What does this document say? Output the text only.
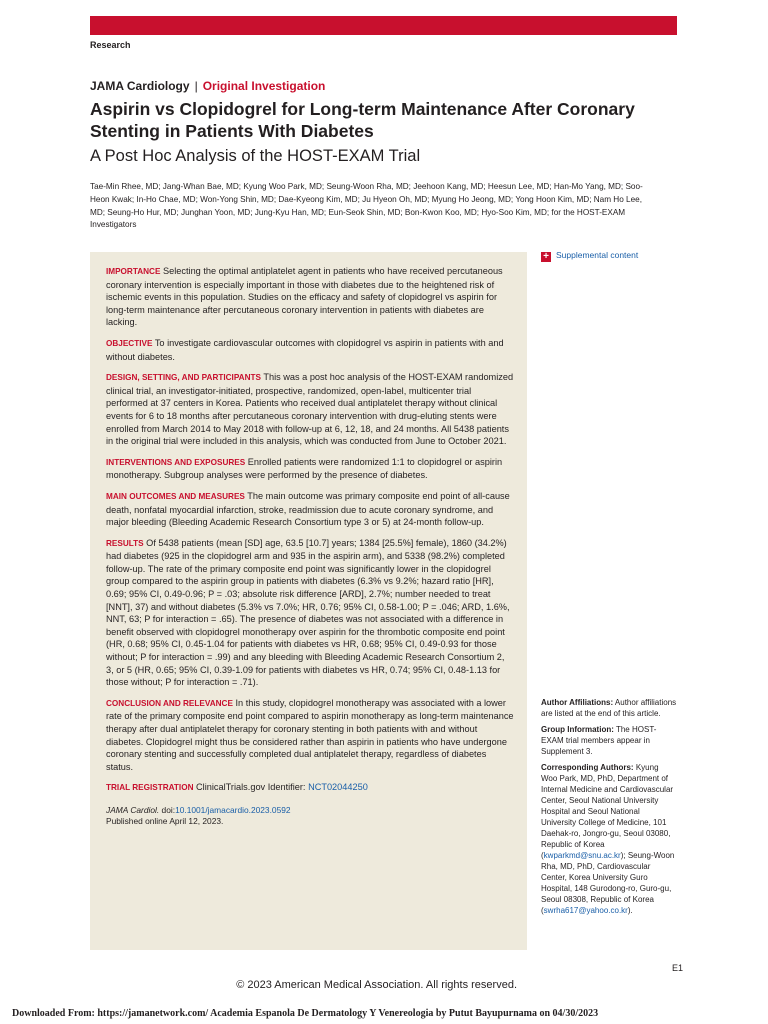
Research
JAMA Cardiology | Original Investigation
Aspirin vs Clopidogrel for Long-term Maintenance After Coronary Stenting in Patients With Diabetes
A Post Hoc Analysis of the HOST-EXAM Trial
Tae-Min Rhee, MD; Jang-Whan Bae, MD; Kyung Woo Park, MD; Seung-Woon Rha, MD; Jeehoon Kang, MD; Heesun Lee, MD; Han-Mo Yang, MD; Soo-Heon Kwak; In-Ho Chae, MD; Won-Yong Shin, MD; Dae-Kyeong Kim, MD; Ju Hyeon Oh, MD; Myung Ho Jeong, MD; Yong Hoon Kim, MD; Nam Ho Lee, MD; Seung-Ho Hur, MD; Junghan Yoon, MD; Jung-Kyu Han, MD; Eun-Seok Shin, MD; Bon-Kwon Koo, MD; Hyo-Soo Kim, MD; for the HOST-EXAM Investigators
+ Supplemental content

IMPORTANCE Selecting the optimal antiplatelet agent in patients who have received percutaneous coronary intervention is especially important in those with diabetes due to the heightened risk of ischemic events in this population. Studies on the efficacy and safety of clopidogrel vs aspirin for long-term maintenance after percutaneous coronary intervention in patients with diabetes are lacking.

OBJECTIVE To investigate cardiovascular outcomes with clopidogrel vs aspirin in patients with and without diabetes.

DESIGN, SETTING, AND PARTICIPANTS This was a post hoc analysis of the HOST-EXAM randomized clinical trial, an investigator-initiated, prospective, randomized, open-label, multicenter trial performed at 37 centers in Korea. Patients who received dual antiplatelet therapy without clinical events for 6 to 18 months after percutaneous coronary intervention with drug-eluting stents were enrolled from March 2014 to May 2018 with follow-up at 6, 12, 18, and 24 months. All 5438 patients in the original trial were included in this analysis, which was conducted from June to October 2021.

INTERVENTIONS AND EXPOSURES Enrolled patients were randomized 1:1 to clopidogrel or aspirin monotherapy. Subgroup analyses were performed by the presence of diabetes.

MAIN OUTCOMES AND MEASURES The main outcome was primary composite end point of all-cause death, nonfatal myocardial infarction, stroke, readmission due to acute coronary syndrome, and major bleeding (Bleeding Academic Research Consortium type 3 or 5) at 24-month follow-up.

RESULTS Of 5438 patients (mean [SD] age, 63.5 [10.7] years; 1384 [25.5%] female), 1860 (34.2%) had diabetes (925 in the clopidogrel arm and 935 in the aspirin arm), and 5338 (98.2%) completed follow-up. The rate of the primary composite end point was significantly lower in the clopidogrel group compared to the aspirin group in patients with diabetes (6.3% vs 9.2%; hazard ratio [HR], 0.69; 95% CI, 0.49-0.96; P = .03; absolute risk difference [ARD], 2.7%; number needed to treat [NNT], 37) and without diabetes (5.3% vs 7.0%; HR, 0.76; 95% CI, 0.58-1.00; P = .046; ARD, 1.6%, NNT, 63; P for interaction = .65). The presence of diabetes was not associated with a difference in benefit observed with clopidogrel monotherapy over aspirin for the thrombotic composite end point (HR, 0.68; 95% CI, 0.45-1.04 for patients with diabetes vs HR, 0.68; 95% CI, 0.49-0.93 for those without; P for interaction = .99) and any bleeding with Bleeding Academic Research Consortium 2, 3, or 5 (HR, 0.65; 95% CI, 0.39-1.09 for patients with diabetes vs HR, 0.74; 95% CI, 0.48-1.13 for those without; P for interaction = .71).

CONCLUSION AND RELEVANCE In this study, clopidogrel monotherapy was associated with a lower rate of the primary composite end point compared to aspirin monotherapy as long-term maintenance therapy after dual antiplatelet therapy for coronary stenting in both patients with and without diabetes. Clopidogrel might thus be considered rather than aspirin in patients who have undergone coronary stenting and successfully completed dual antiplatelet therapy, regardless of diabetes status.

TRIAL REGISTRATION ClinicalTrials.gov Identifier: NCT02044250

JAMA Cardiol. doi:10.1001/jamacardio.2023.0592
Published online April 12, 2023.

Author Affiliations: Author affiliations are listed at the end of this article.

Group Information: The HOST-EXAM trial members appear in Supplement 3.

Corresponding Authors: Kyung Woo Park, MD, PhD, Department of Internal Medicine and Cardiovascular Center, Seoul National University Hospital and Seoul National University College of Medicine, 101 Daehak-ro, Jongro-gu, Seoul 03080, Republic of Korea (kwparkmd@snu.ac.kr); Seung-Woon Rha, MD, PhD, Cardiovascular Center, Korea University Guro Hospital, 148 Gurodong-ro, Guro-gu, Seoul 08308, Republic of Korea (swrha617@yahoo.co.kr).

E1
© 2023 American Medical Association. All rights reserved.
Downloaded From: https://jamanetwork.com/ Academia Espanola De Dermatology Y Venereologia by Putut Bayupurnama on 04/30/2023
